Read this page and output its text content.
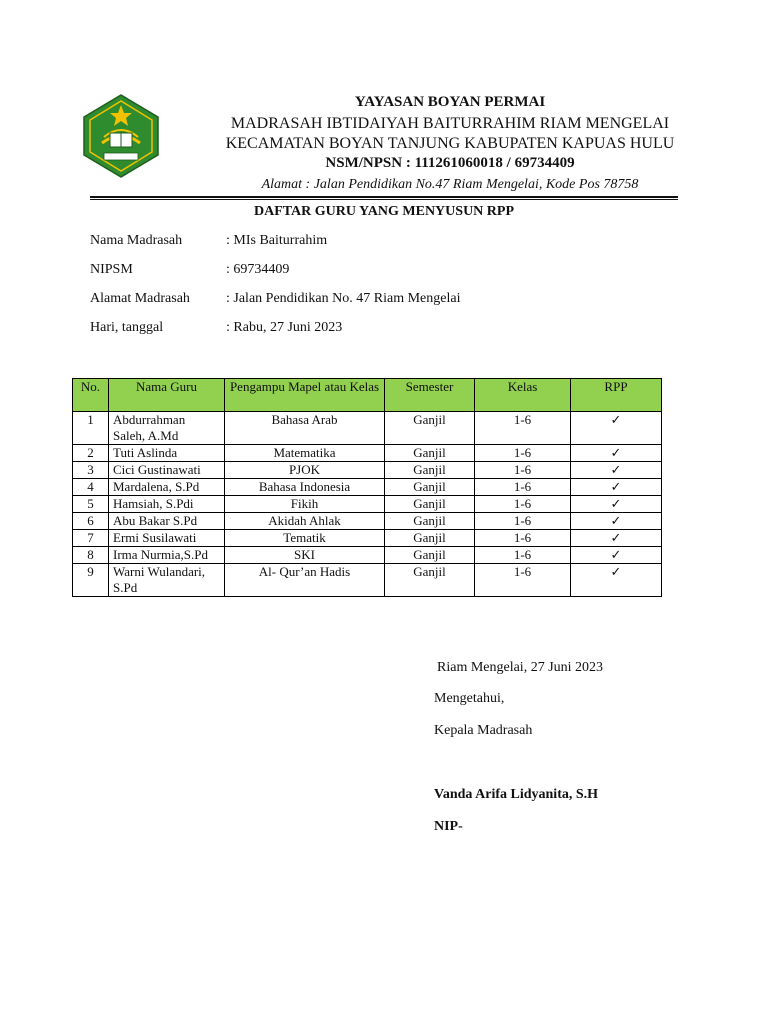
YAYASAN BOYAN PERMAI
MADRASAH IBTIDAIYAH BAITURRAHIM RIAM MENGELAI
KECAMATAN BOYAN TANJUNG KABUPATEN KAPUAS HULU
NSM/NPSN : 111261060018 / 69734409
Alamat : Jalan Pendidikan No.47 Riam Mengelai, Kode Pos 78758
DAFTAR GURU YANG MENYUSUN RPP
Nama Madrasah	: MIs Baiturrahim
NIPSM	: 69734409
Alamat Madrasah	: Jalan Pendidikan No. 47 Riam Mengelai
Hari, tanggal	: Rabu, 27 Juni 2023
No.	Nama Guru	Pengampu Mapel atau Kelas	Semester	Kelas	RPP
1	Abdurrahman Saleh, A.Md	Bahasa Arab	Ganjil	1-6	✓
2	Tuti Aslinda	Matematika	Ganjil	1-6	✓
3	Cici Gustinawati	PJOK	Ganjil	1-6	✓
4	Mardalena, S.Pd	Bahasa Indonesia	Ganjil	1-6	✓
5	Hamsiah, S.Pdi	Fikih	Ganjil	1-6	✓
6	Abu Bakar S.Pd	Akidah Ahlak	Ganjil	1-6	✓
7	Ermi Susilawati	Tematik	Ganjil	1-6	✓
8	Irma Nurmia,S.Pd	SKI	Ganjil	1-6	✓
9	Warni Wulandari, S.Pd	Al- Qur’an Hadis	Ganjil	1-6	✓
Riam Mengelai, 27 Juni 2023
Mengetahui,
Kepala Madrasah
Vanda Arifa Lidyanita, S.H
NIP-
